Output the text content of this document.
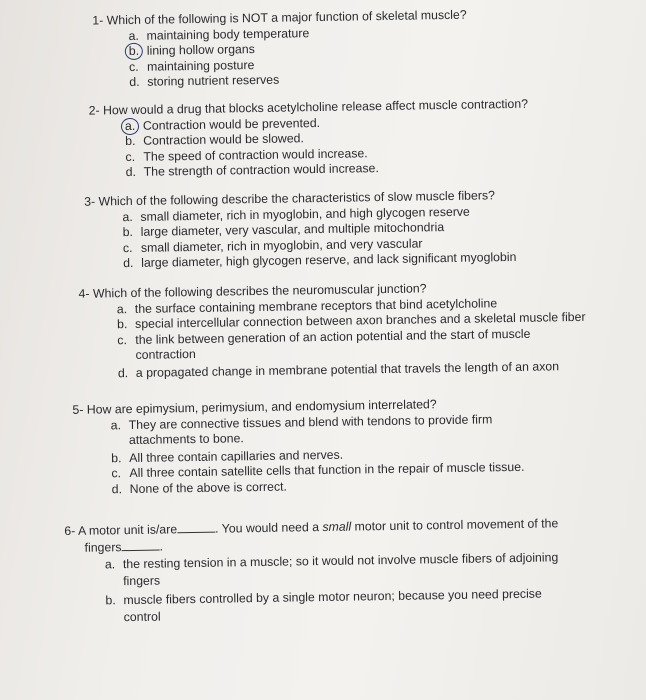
1- Which of the following is NOT a major function of skeletal muscle?
a. maintaining body temperature
b. lining hollow organs
c. maintaining posture
d. storing nutrient reserves
2- How would a drug that blocks acetylcholine release affect muscle contraction?
a. Contraction would be prevented.
b. Contraction would be slowed.
c. The speed of contraction would increase.
d. The strength of contraction would increase.
3- Which of the following describe the characteristics of slow muscle fibers?
a. small diameter, rich in myoglobin, and high glycogen reserve
b. large diameter, very vascular, and multiple mitochondria
c. small diameter, rich in myoglobin, and very vascular
d. large diameter, high glycogen reserve, and lack significant myoglobin
4- Which of the following describes the neuromuscular junction?
a. the surface containing membrane receptors that bind acetylcholine
b. special intercellular connection between axon branches and a skeletal muscle fiber
c. the link between generation of an action potential and the start of muscle contraction
d. a propagated change in membrane potential that travels the length of an axon
5- How are epimysium, perimysium, and endomysium interrelated?
a. They are connective tissues and blend with tendons to provide firm attachments to bone.
b. All three contain capillaries and nerves.
c. All three contain satellite cells that function in the repair of muscle tissue.
d. None of the above is correct.
6- A motor unit is/are	. You would need a small motor unit to control movement of the
fingers	.
a. the resting tension in a muscle; so it would not involve muscle fibers of adjoining fingers
b. muscle fibers controlled by a single motor neuron; because you need precise control
